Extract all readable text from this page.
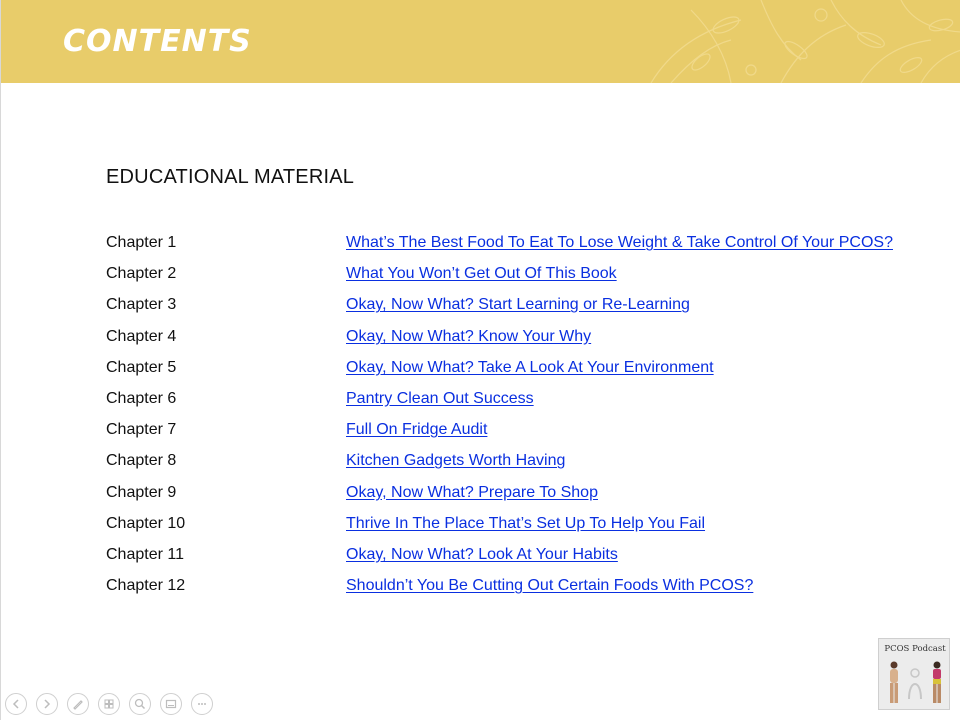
CONTENTS
EDUCATIONAL MATERIAL
Chapter 1	What’s The Best Food To Eat To Lose Weight & Take Control Of Your PCOS?
Chapter 2	What You Won’t Get Out Of This Book
Chapter 3	Okay, Now What? Start Learning or Re-Learning
Chapter 4	Okay, Now What? Know Your Why
Chapter 5	Okay, Now What? Take A Look At Your Environment
Chapter 6	Pantry Clean Out Success
Chapter 7	Full On Fridge Audit
Chapter 8	Kitchen Gadgets Worth Having
Chapter 9	Okay, Now What? Prepare To Shop
Chapter 10	Thrive In The Place That’s Set Up To Help You Fail
Chapter 11	Okay, Now What? Look At Your Habits
Chapter 12	Shouldn’t You Be Cutting Out Certain Foods With PCOS?
PCOS Podcast
